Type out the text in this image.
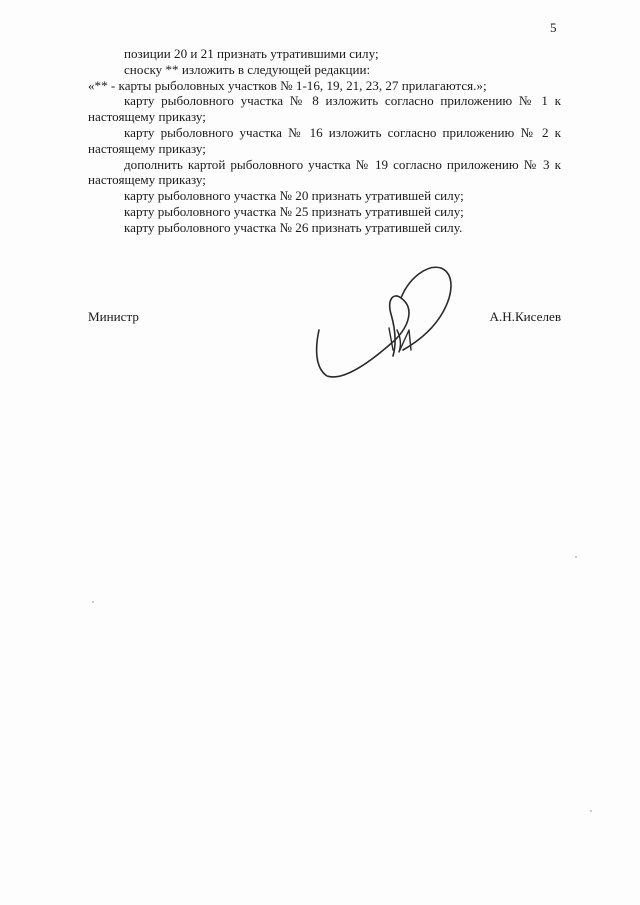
5

позиции 20 и 21 признать утратившими силу;

сноску ** изложить в следующей редакции:

«** - карты рыболовных участков № 1-16, 19, 21, 23, 27 прилагаются.»;

карту рыболовного участка № 8 изложить согласно приложению № 1 к настоящему приказу;

карту рыболовного участка № 16 изложить согласно приложению № 2 к настоящему приказу;

дополнить картой рыболовного участка № 19 согласно приложению № 3 к настоящему приказу;

карту рыболовного участка № 20 признать утратившей силу;

карту рыболовного участка № 25 признать утратившей силу;

карту рыболовного участка № 26 признать утратившей силу.

Министр	А.Н.Киселев
